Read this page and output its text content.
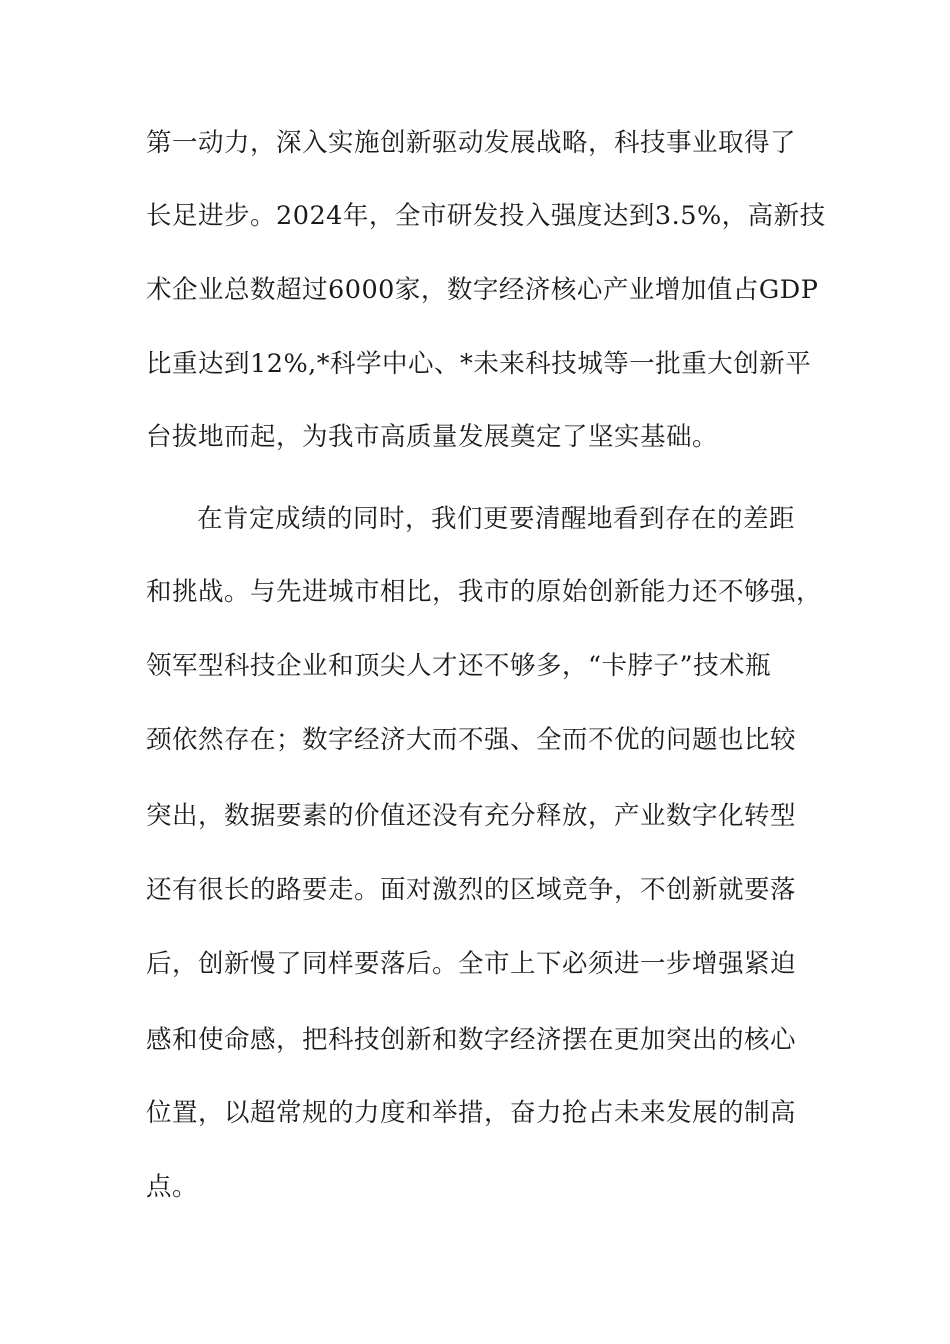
第一动力，深入实施创新驱动发展战略，科技事业取得了
长足进步。2024年，全市研发投入强度达到3.5%，高新技
术企业总数超过6000家，数字经济核心产业增加值占GDP
比重达到12%,*科学中心、*未来科技城等一批重大创新平
台拔地而起，为我市高质量发展奠定了坚实基础。
在肯定成绩的同时，我们更要清醒地看到存在的差距
和挑战。与先进城市相比，我市的原始创新能力还不够强，
领军型科技企业和顶尖人才还不够多，“卡脖子”技术瓶
颈依然存在；数字经济大而不强、全而不优的问题也比较
突出，数据要素的价值还没有充分释放，产业数字化转型
还有很长的路要走。面对激烈的区域竞争，不创新就要落
后，创新慢了同样要落后。全市上下必须进一步增强紧迫
感和使命感，把科技创新和数字经济摆在更加突出的核心
位置，以超常规的力度和举措，奋力抢占未来发展的制高
点。
